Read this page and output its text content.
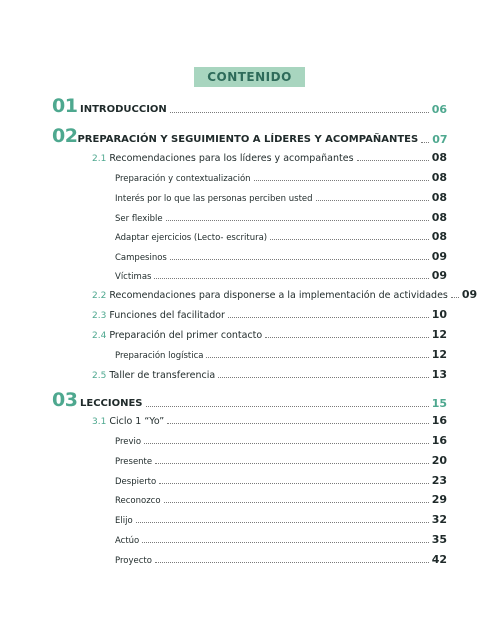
CONTENIDO
01 INTRODUCCION	06
02 PREPARACIÓN Y SEGUIMIENTO A LÍDERES Y ACOMPAÑANTES 07
2.1 Recomendaciones para los líderes y acompañantes	08
Preparación y contextualización	08
Interés por lo que las personas perciben usted	08
Ser flexible	08
Adaptar ejercicios (Lecto- escritura)	08
Campesinos	09
Víctimas	09
2.2 Recomendaciones para disponerse a la implementación de actividades 09
2.3 Funciones del facilitador	10
2.4 Preparación del primer contacto	12
Preparación logística	12
2.5 Taller de transferencia	13
03 LECCIONES	15
3.1 Ciclo 1 “Yo”	16
Previo	16
Presente	20
Despierto	23
Reconozco	29
Elijo	32
Actúo	35
Proyecto	42
